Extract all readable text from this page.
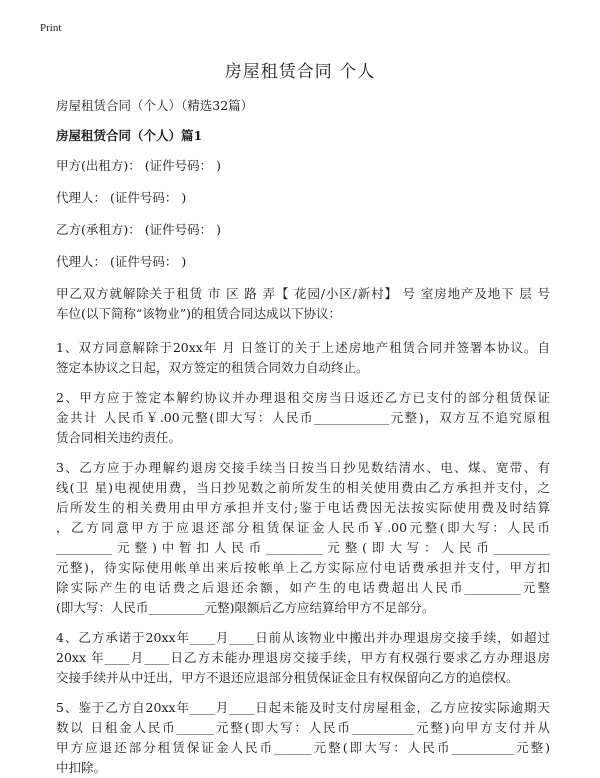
Print
房屋租赁合同 个人

房屋租赁合同（个人）（精选32篇）

房屋租赁合同（个人）篇1

甲方(出租方)： (证件号码： )

代理人： (证件号码： )

乙方(承租方)： (证件号码： )

代理人： (证件号码： )

甲乙双方就解除关于租赁 市 区 路 弄【 花园/小区/新村】 号 室房地产及地下 层 号
车位(以下简称“该物业”)的租赁合同达成以下协议：
1、双方同意解除于20xx年 月 日签订的关于上述房地产租赁合同并签署本协议。自
签定本协议之日起，双方签定的租赁合同效力自动终止。
2、甲方应于签定本解约协议并办理退租交房当日返还乙方已支付的部分租赁保证
金共计 人民币￥.00元整(即大写：人民币____________元整)，双方互不追究原租
赁合同相关违约责任。
3、乙方应于办理解约退房交接手续当日按当日抄见数结清水、电、煤、宽带、有
线(卫 星)电视使用费，当日抄见数之前所发生的相关使用费由乙方承担并支付，之
后所发生的相关费用由甲方承担并支付;鉴于电话费因无法按实际使用费及时结算
，乙方同意甲方于应退还部分租赁保证金人民币￥.00元整(即大写：人民币
_________元整)中暂扣人民币_________元整(即大写：人民币_________
元整)，待实际使用帐单出来后按帐单上乙方实际应付电话费承担并支付，甲方扣
除实际产生的电话费之后退还余额，如产生的电话费超出人民币_________元整
(即大写：人民币_________元整)限额后乙方应结算给甲方不足部分。
4、乙方承诺于20xx年____月____日前从该物业中搬出并办理退房交接手续，如超过
20xx 年____月____日乙方未能办理退房交接手续，甲方有权强行要求乙方办理退房
交接手续并从中迁出，甲方不退还应退部分租赁保证金且有权保留向乙方的追偿权。
5、鉴于乙方自20xx年____月____日起未能及时支付房屋租金，乙方应按实际逾期天
数以 日租金人民币______元整(即大写：人民币__________元整)向甲方支付并从
甲方应退还部分租赁保证金人民币______元整(即大写：人民币__________元整)
中扣除。
